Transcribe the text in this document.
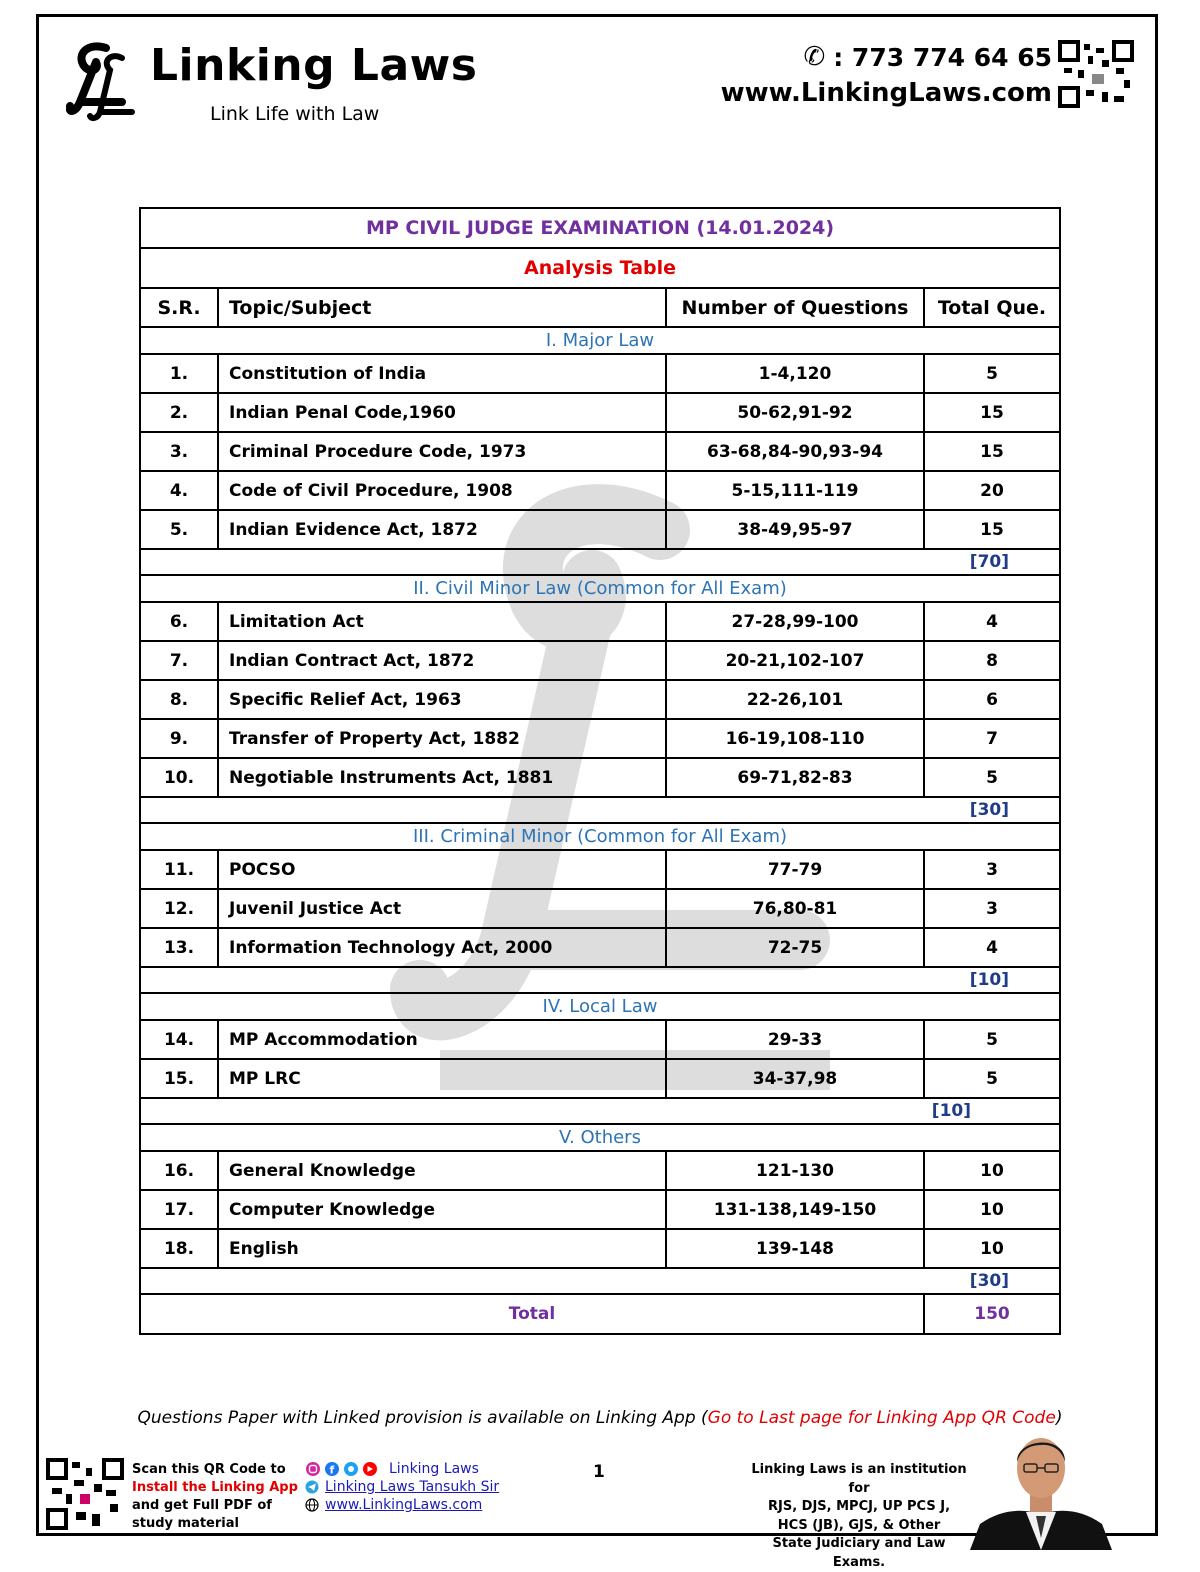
Linking Laws
Link Life with Law
✆ : 773 774 64 65
www.LinkingLaws.com
MP CIVIL JUDGE EXAMINATION (14.01.2024)			
Analysis Table			
S.R.	Topic/Subject	Number of Questions	Total Que.
I. Major Law			
1.	Constitution of India	1-4,120	5
2.	Indian Penal Code,1960	50-62,91-92	15
3.	Criminal Procedure Code, 1973	63-68,84-90,93-94	15
4.	Code of Civil Procedure, 1908	5-15,111-119	20
5.	Indian Evidence Act, 1872	38-49,95-97	15
[70]			
II. Civil Minor Law (Common for All Exam)			
6.	Limitation Act	27-28,99-100	4
7.	Indian Contract Act, 1872	20-21,102-107	8
8.	Specific Relief Act, 1963	22-26,101	6
9.	Transfer of Property Act, 1882	16-19,108-110	7
10.	Negotiable Instruments Act, 1881	69-71,82-83	5
[30]			
III. Criminal Minor (Common for All Exam)			
11.	POCSO	77-79	3
12.	Juvenil Justice Act	76,80-81	3
13.	Information Technology Act, 2000	72-75	4
[10]			
IV. Local Law			
14.	MP Accommodation	29-33	5
15.	MP LRC	34-37,98	5
[10]			
V. Others			
16.	General Knowledge	121-130	10
17.	Computer Knowledge	131-138,149-150	10
18.	English	139-148	10
[30]			
Total			150
Questions Paper with Linked provision is available on Linking App (Go to Last page for Linking App QR Code)
Scan this QR Code to
Install the Linking App
and get Full PDF of
study material
f	Linking Laws
Linking Laws Tansukh Sir
www.LinkingLaws.com
1	Linking Laws is an institution for
RJS, DJS, MPCJ, UP PCS J,
HCS (JB), GJS, & Other
State Judiciary and Law Exams.
